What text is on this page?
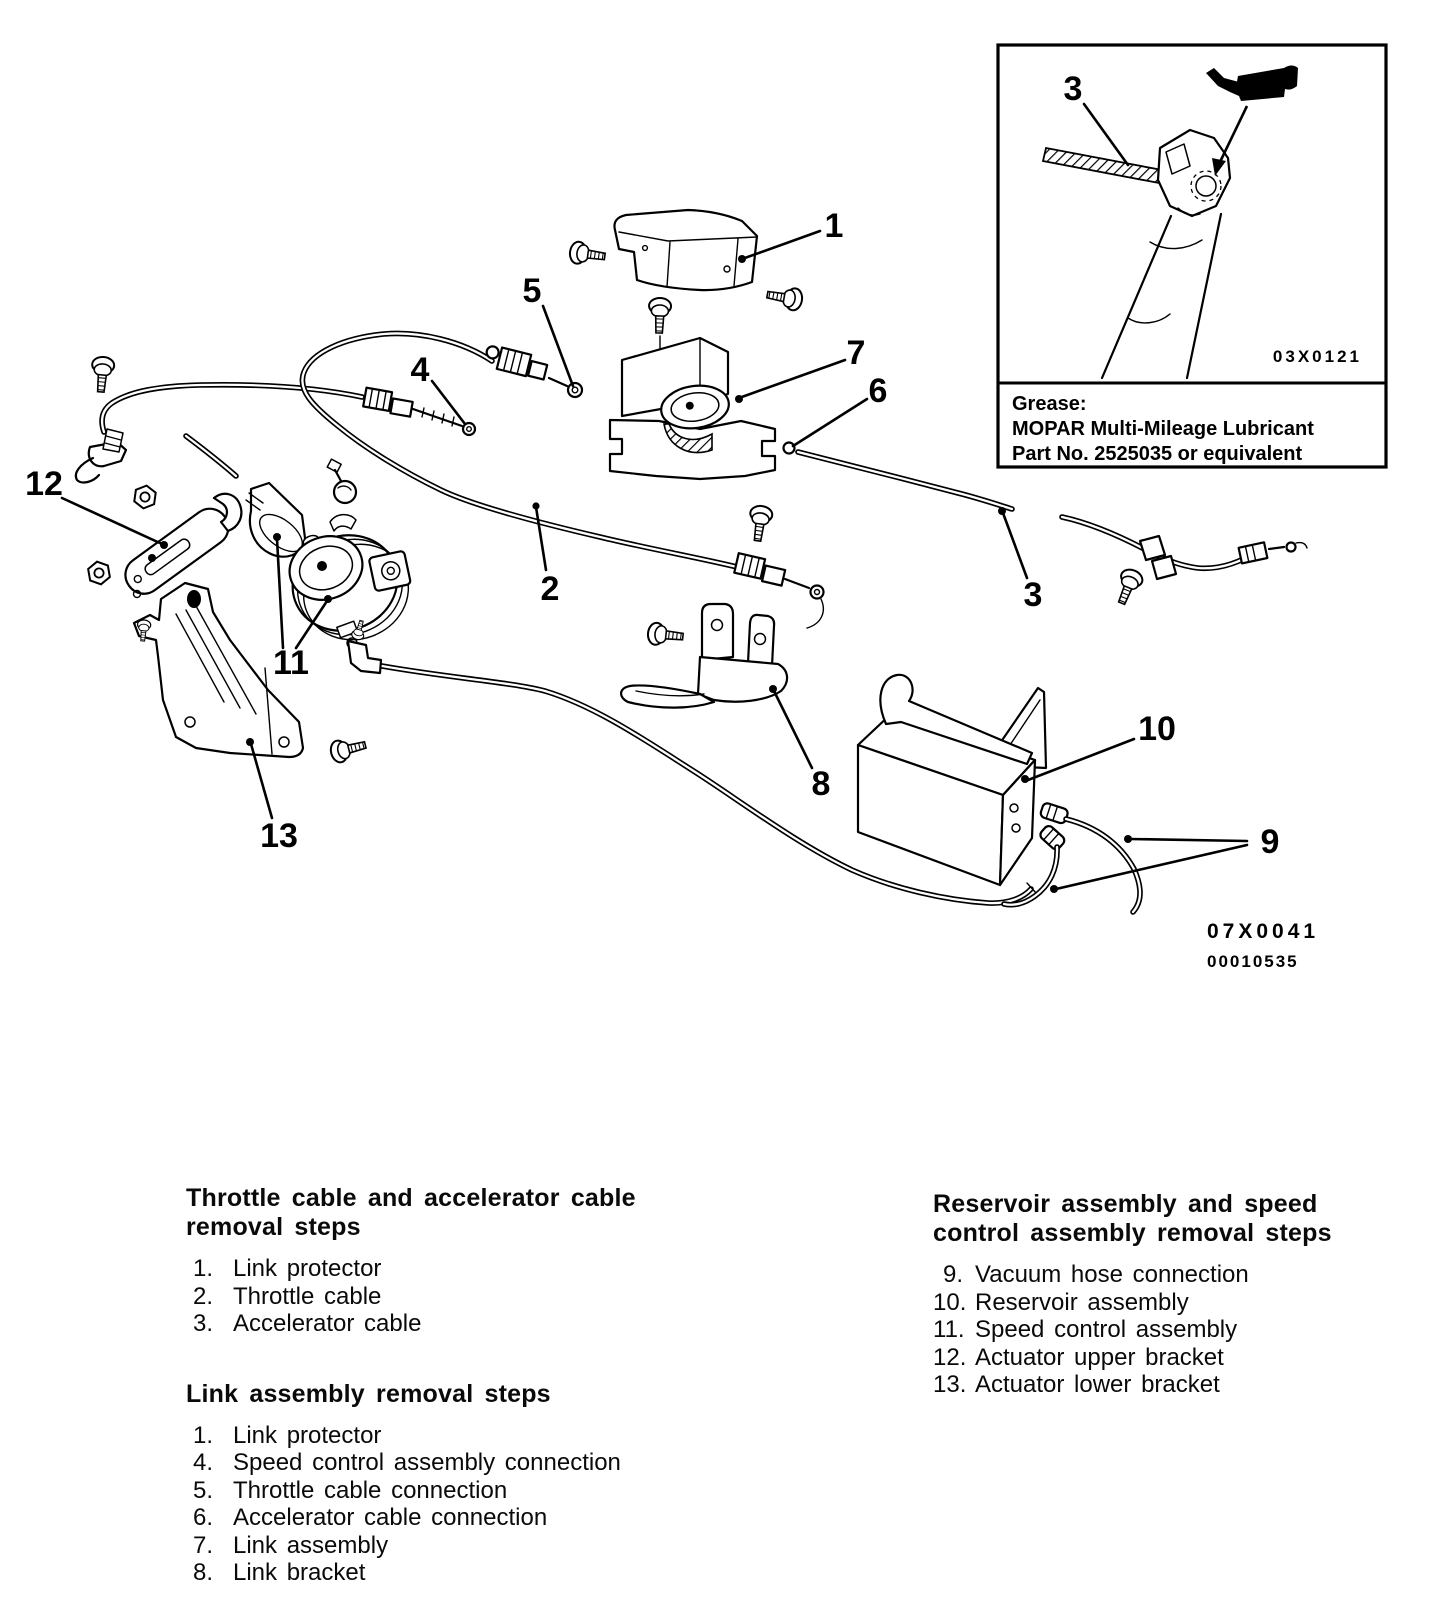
3
03X0121
Grease:
MOPAR Multi-Mileage Lubricant
Part No. 2525035 or equivalent
1
2	3
4
5
6
7
8
9
10
11
12
13
07X0041
00010535
Throttle cable and accelerator cable removal steps
1. Link protector
2. Throttle cable
3. Accelerator cable
Link assembly removal steps
1. Link protector
4. Speed control assembly connection
5. Throttle cable connection
6. Accelerator cable connection
7. Link assembly
8. Link bracket
Reservoir assembly and speed control assembly removal steps
9. Vacuum hose connection
10. Reservoir assembly
11. Speed control assembly
12. Actuator upper bracket
13. Actuator lower bracket
